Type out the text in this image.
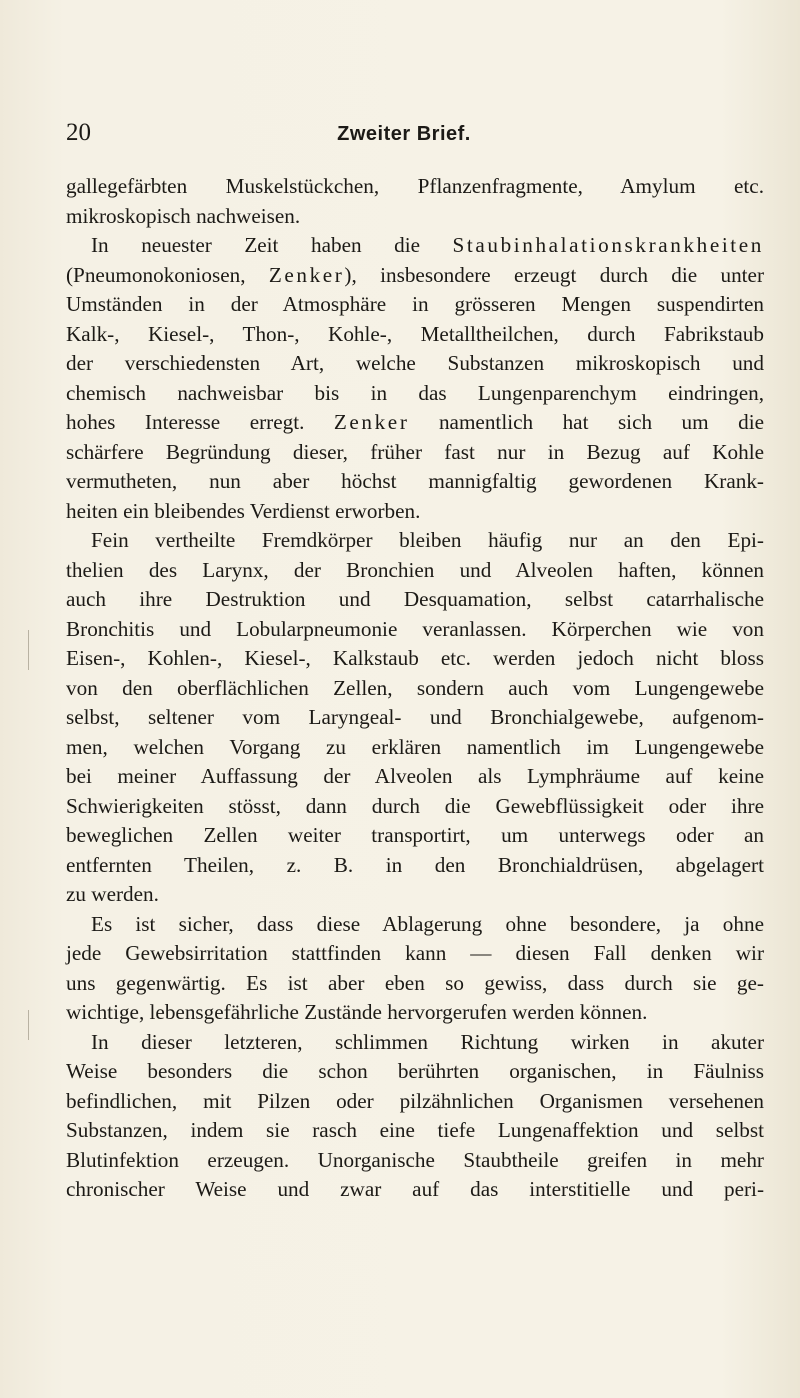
20	Zweiter Brief.
gallegefärbten Muskelstückchen, Pflanzenfragmente, Amylum etc.
mikroskopisch nachweisen.
In neuester Zeit haben die Staubinhalationskrankheiten
(Pneumonokoniosen, Zenker), insbesondere erzeugt durch die unter
Umständen in der Atmosphäre in grösseren Mengen suspendirten
Kalk-, Kiesel-, Thon-, Kohle-, Metalltheilchen, durch Fabrikstaub
der verschiedensten Art, welche Substanzen mikroskopisch und
chemisch nachweisbar bis in das Lungenparenchym eindringen,
hohes Interesse erregt. Zenker namentlich hat sich um die
schärfere Begründung dieser, früher fast nur in Bezug auf Kohle
vermutheten, nun aber höchst mannigfaltig gewordenen Krank-
heiten ein bleibendes Verdienst erworben.
Fein vertheilte Fremdkörper bleiben häufig nur an den Epi-
thelien des Larynx, der Bronchien und Alveolen haften, können
auch ihre Destruktion und Desquamation, selbst catarrhalische
Bronchitis und Lobularpneumonie veranlassen. Körperchen wie von
Eisen-, Kohlen-, Kiesel-, Kalkstaub etc. werden jedoch nicht bloss
von den oberflächlichen Zellen, sondern auch vom Lungengewebe
selbst, seltener vom Laryngeal- und Bronchialgewebe, aufgenom-
men, welchen Vorgang zu erklären namentlich im Lungengewebe
bei meiner Auffassung der Alveolen als Lymphräume auf keine
Schwierigkeiten stösst, dann durch die Gewebflüssigkeit oder ihre
beweglichen Zellen weiter transportirt, um unterwegs oder an
entfernten Theilen, z. B. in den Bronchialdrüsen, abgelagert
zu werden.
Es ist sicher, dass diese Ablagerung ohne besondere, ja ohne
jede Gewebsirritation stattfinden kann — diesen Fall denken wir
uns gegenwärtig. Es ist aber eben so gewiss, dass durch sie ge-
wichtige, lebensgefährliche Zustände hervorgerufen werden können.
In dieser letzteren, schlimmen Richtung wirken in akuter
Weise besonders die schon berührten organischen, in Fäulniss
befindlichen, mit Pilzen oder pilzähnlichen Organismen versehenen
Substanzen, indem sie rasch eine tiefe Lungenaffektion und selbst
Blutinfektion erzeugen. Unorganische Staubtheile greifen in mehr
chronischer Weise und zwar auf das interstitielle und peri-
